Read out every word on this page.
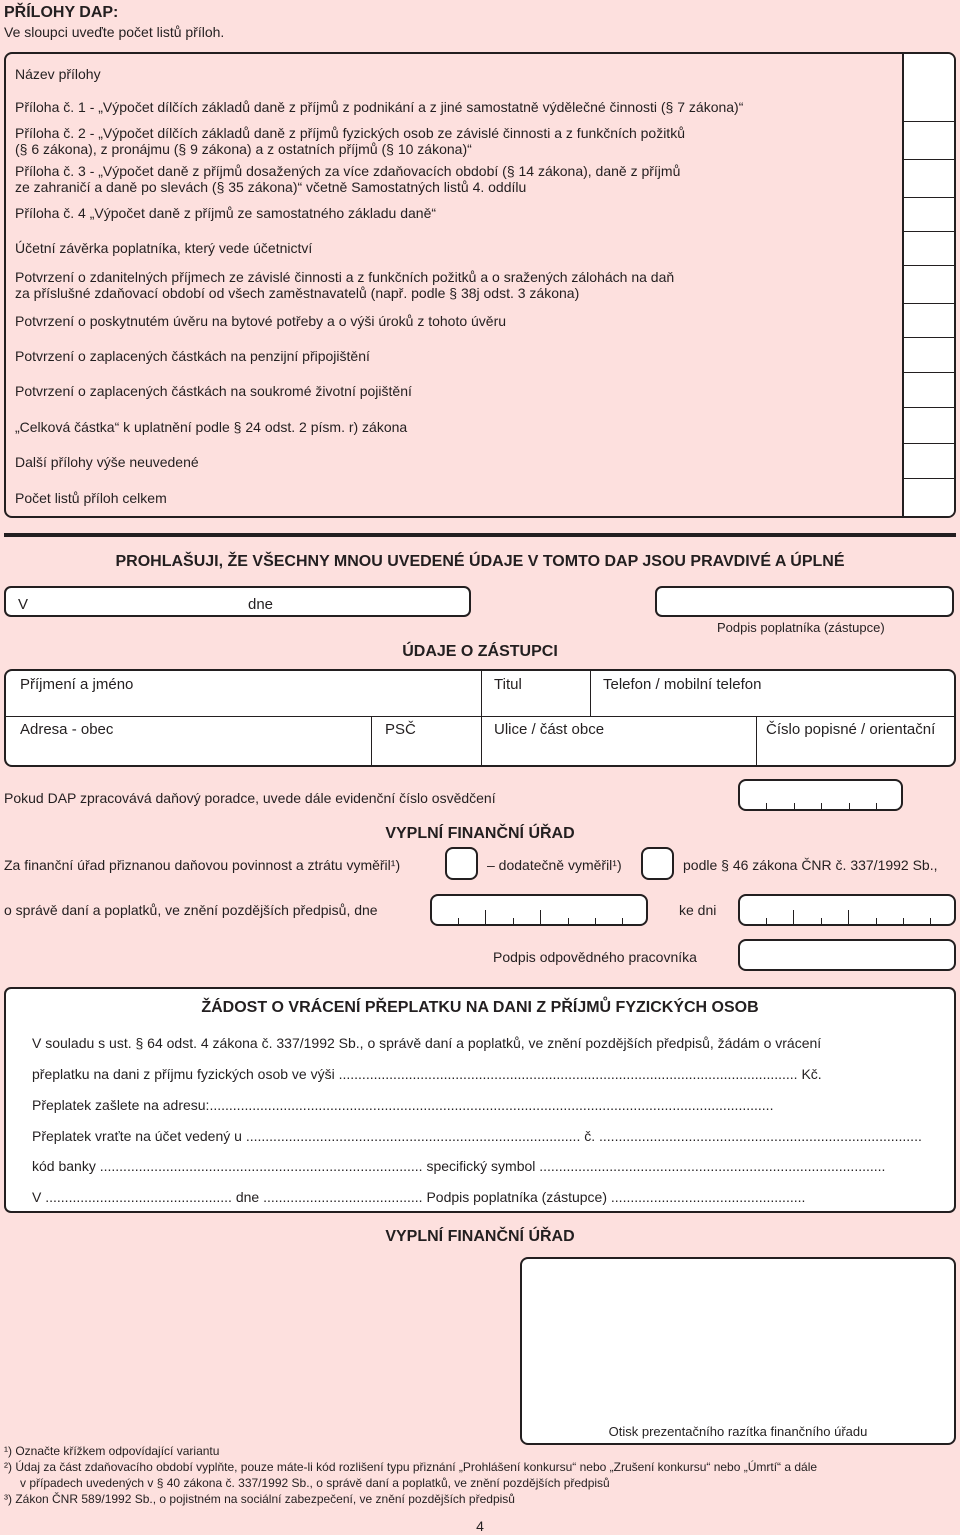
PŘÍLOHY DAP:
Ve sloupci uveďte počet listů příloh.
Název přílohy
Příloha č. 1 - „Výpočet dílčích základů daně z příjmů z podnikání a z jiné samostatně výdělečné činnosti (§ 7 zákona)“
Příloha č. 2 - „Výpočet dílčích základů daně z příjmů fyzických osob ze závislé činnosti a z funkčních požitků
(§ 6 zákona), z pronájmu (§ 9 zákona) a z ostatních příjmů (§ 10 zákona)“
Příloha č. 3 - „Výpočet daně z příjmů dosažených za více zdaňovacích období (§ 14 zákona), daně z příjmů
ze zahraničí a daně po slevách (§ 35 zákona)“ včetně Samostatných listů 4. oddílu
Příloha č. 4 „Výpočet daně z příjmů ze samostatného základu daně“
Účetní závěrka poplatníka, který vede účetnictví
Potvrzení o zdanitelných příjmech ze závislé činnosti a z funkčních požitků a o sražených zálohách na daň
za příslušné zdaňovací období od všech zaměstnavatelů (např. podle § 38j odst. 3 zákona)
Potvrzení o poskytnutém úvěru na bytové potřeby a o výši úroků z tohoto úvěru
Potvrzení o zaplacených částkách na penzijní připojištění
Potvrzení o zaplacených částkách na soukromé životní pojištění
„Celková částka“ k uplatnění podle § 24 odst. 2 písm. r) zákona
Další přílohy výše neuvedené
Počet listů příloh celkem
PROHLAŠUJI, ŽE VŠECHNY MNOU UVEDENÉ ÚDAJE V TOMTO DAP JSOU PRAVDIVÉ A ÚPLNÉ
V	dne
Podpis poplatníka (zástupce)
ÚDAJE O ZÁSTUPCI
Příjmení a jméno	Titul	Telefon / mobilní telefon
Adresa - obec	PSČ	Ulice / část obce	Číslo popisné / orientační
Pokud DAP zpracovává daňový poradce, uvede dále evidenční číslo osvědčení
VYPLNÍ FINANČNÍ ÚŘAD
Za finanční úřad přiznanou daňovou povinnost a ztrátu vyměřil¹)	– dodatečně vyměřil¹)	podle § 46 zákona ČNR č. 337/1992 Sb.,
o správě daní a poplatků, ve znění pozdějších předpisů, dne	ke dni
Podpis odpovědného pracovníka
ŽÁDOST O VRÁCENÍ PŘEPLATKU NA DANI Z PŘÍJMŮ FYZICKÝCH OSOB
V souladu s ust. § 64 odst. 4 zákona č. 337/1992 Sb., o správě daní a poplatků, ve znění pozdějších předpisů, žádám o vrácení
přeplatku na dani z příjmu fyzických osob ve výši ...................................................................................................................... Kč.
Přeplatek zašlete na adresu:.................................................................................................................................................
Přeplatek vraťte na účet vedený u ...................................................................................... č. ...................................................................................
kód banky ................................................................................... specifický symbol .........................................................................................
V ................................................ dne ......................................... Podpis poplatníka (zástupce) ..................................................
VYPLNÍ FINANČNÍ ÚŘAD
Otisk prezentačního razítka finančního úřadu
¹) Označte křížkem odpovídající variantu
²) Údaj za část zdaňovacího období vyplňte, pouze máte-li kód rozlišení typu přiznání „Prohlášení konkursu“ nebo „Zrušení konkursu“ nebo „Úmrtí“ a dále
v případech uvedených v § 40 zákona č. 337/1992 Sb., o správě daní a poplatků, ve znění pozdějších předpisů
³) Zákon ČNR 589/1992 Sb., o pojistném na sociální zabezpečení, ve znění pozdějších předpisů
4
